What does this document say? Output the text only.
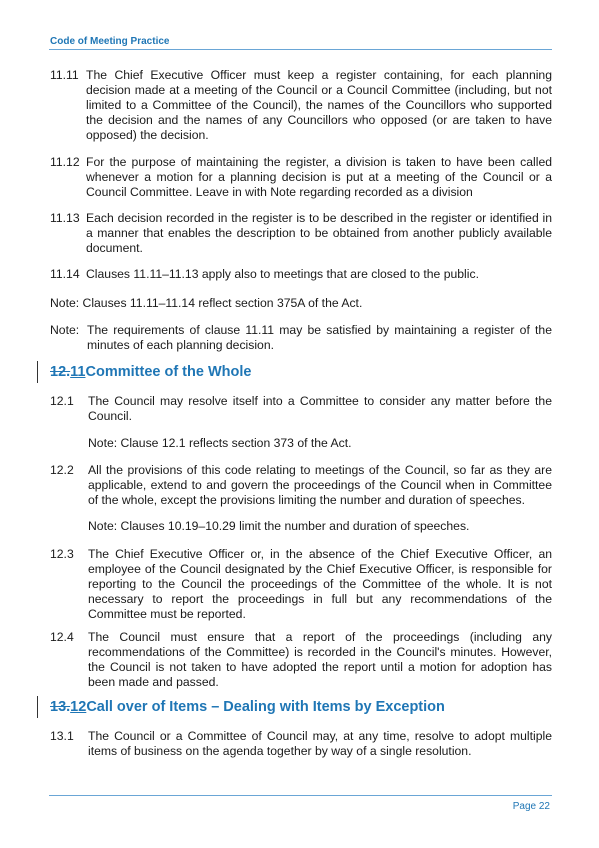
Code of Meeting Practice
11.11 The Chief Executive Officer must keep a register containing, for each planning decision made at a meeting of the Council or a Council Committee (including, but not limited to a Committee of the Council), the names of the Councillors who supported the decision and the names of any Councillors who opposed (or are taken to have opposed) the decision.
11.12 For the purpose of maintaining the register, a division is taken to have been called whenever a motion for a planning decision is put at a meeting of the Council or a Council Committee. Leave in with Note regarding recorded as a division
11.13 Each decision recorded in the register is to be described in the register or identified in a manner that enables the description to be obtained from another publicly available document.
11.14 Clauses 11.11–11.13 apply also to meetings that are closed to the public.
Note: Clauses 11.11–11.14 reflect section 375A of the Act.
Note: The requirements of clause 11.11 may be satisfied by maintaining a register of the minutes of each planning decision.
12.11Committee of the Whole
12.1	The Council may resolve itself into a Committee to consider any matter before the Council.
Note: Clause 12.1 reflects section 373 of the Act.
12.2	All the provisions of this code relating to meetings of the Council, so far as they are applicable, extend to and govern the proceedings of the Council when in Committee of the whole, except the provisions limiting the number and duration of speeches.
Note: Clauses 10.19–10.29 limit the number and duration of speeches.
12.3	The Chief Executive Officer or, in the absence of the Chief Executive Officer, an employee of the Council designated by the Chief Executive Officer, is responsible for reporting to the Council the proceedings of the Committee of the whole. It is not necessary to report the proceedings in full but any recommendations of the Committee must be reported.
12.4	The Council must ensure that a report of the proceedings (including any recommendations of the Committee) is recorded in the Council's minutes. However, the Council is not taken to have adopted the report until a motion for adoption has been made and passed.
13.12Call over of Items – Dealing with Items by Exception
13.1	The Council or a Committee of Council may, at any time, resolve to adopt multiple items of business on the agenda together by way of a single resolution.
Page 22
